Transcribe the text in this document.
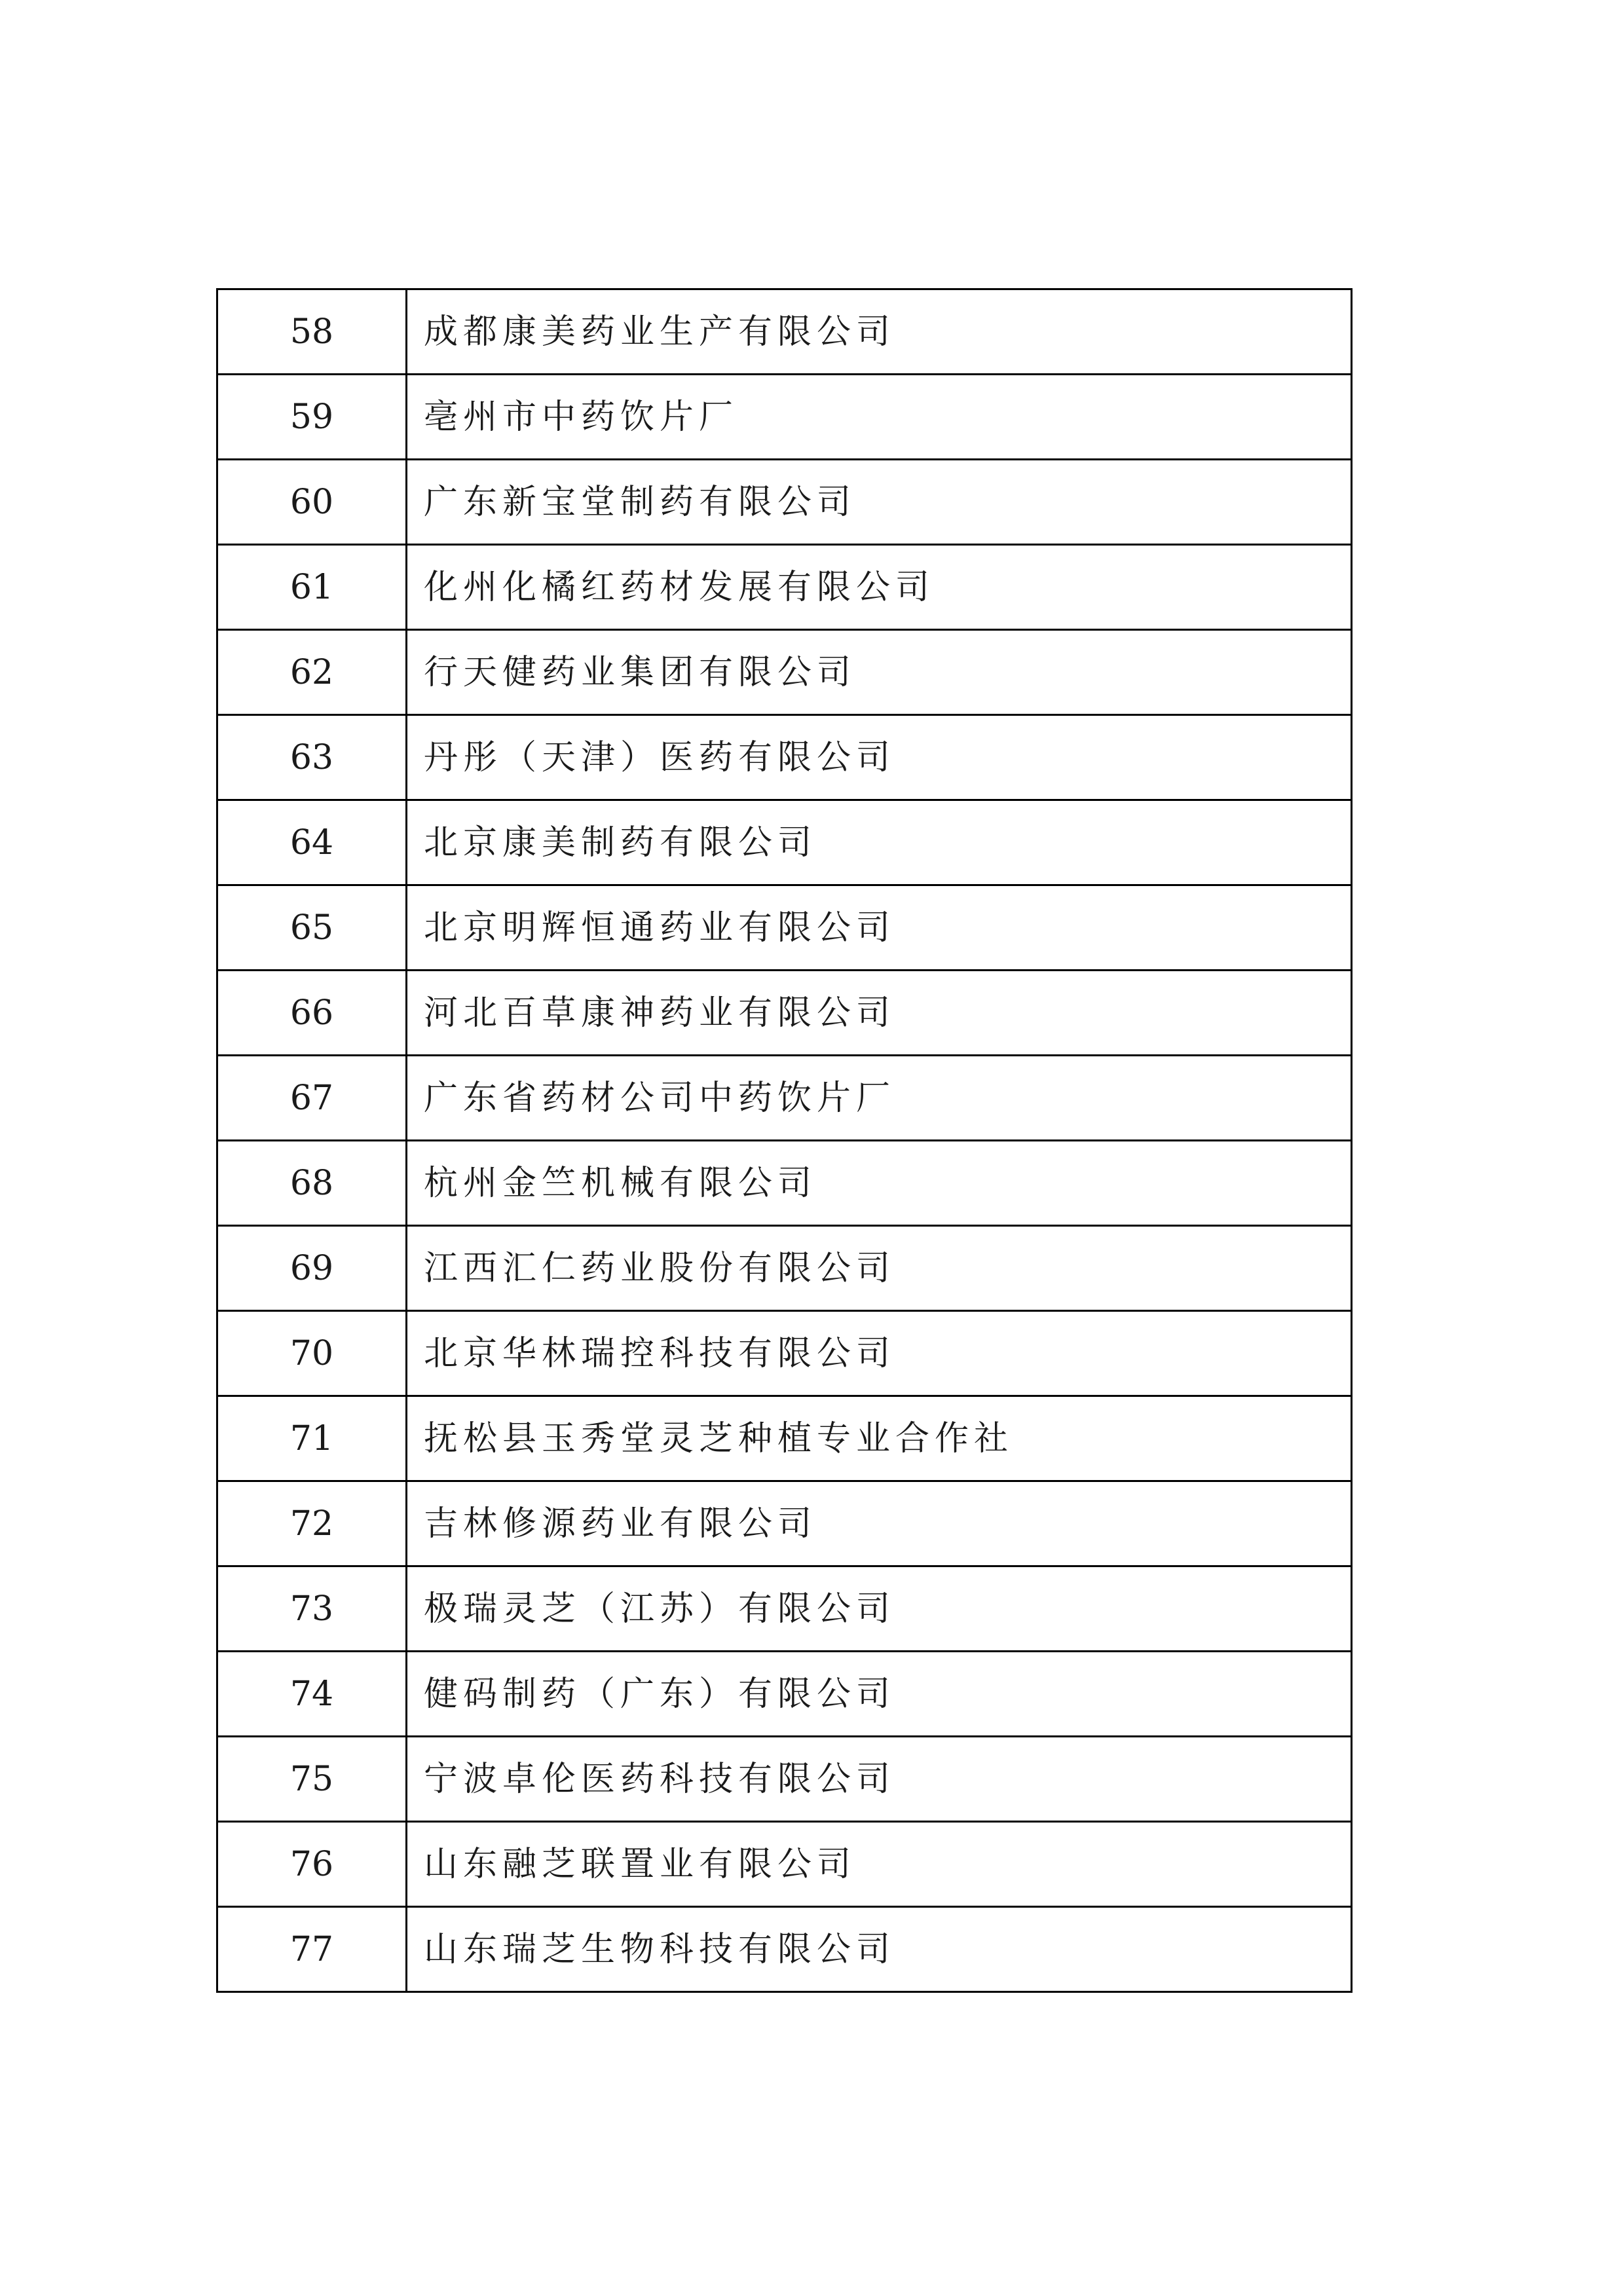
58	成都康美药业生产有限公司
59	亳州市中药饮片厂
60	广东新宝堂制药有限公司
61	化州化橘红药材发展有限公司
62	行天健药业集团有限公司
63	丹彤（天津）医药有限公司
64	北京康美制药有限公司
65	北京明辉恒通药业有限公司
66	河北百草康神药业有限公司
67	广东省药材公司中药饮片厂
68	杭州金竺机械有限公司
69	江西汇仁药业股份有限公司
70	北京华林瑞控科技有限公司
71	抚松县玉秀堂灵芝种植专业合作社
72	吉林修源药业有限公司
73	极瑞灵芝（江苏）有限公司
74	健码制药（广东）有限公司
75	宁波卓伦医药科技有限公司
76	山东融芝联置业有限公司
77	山东瑞芝生物科技有限公司
